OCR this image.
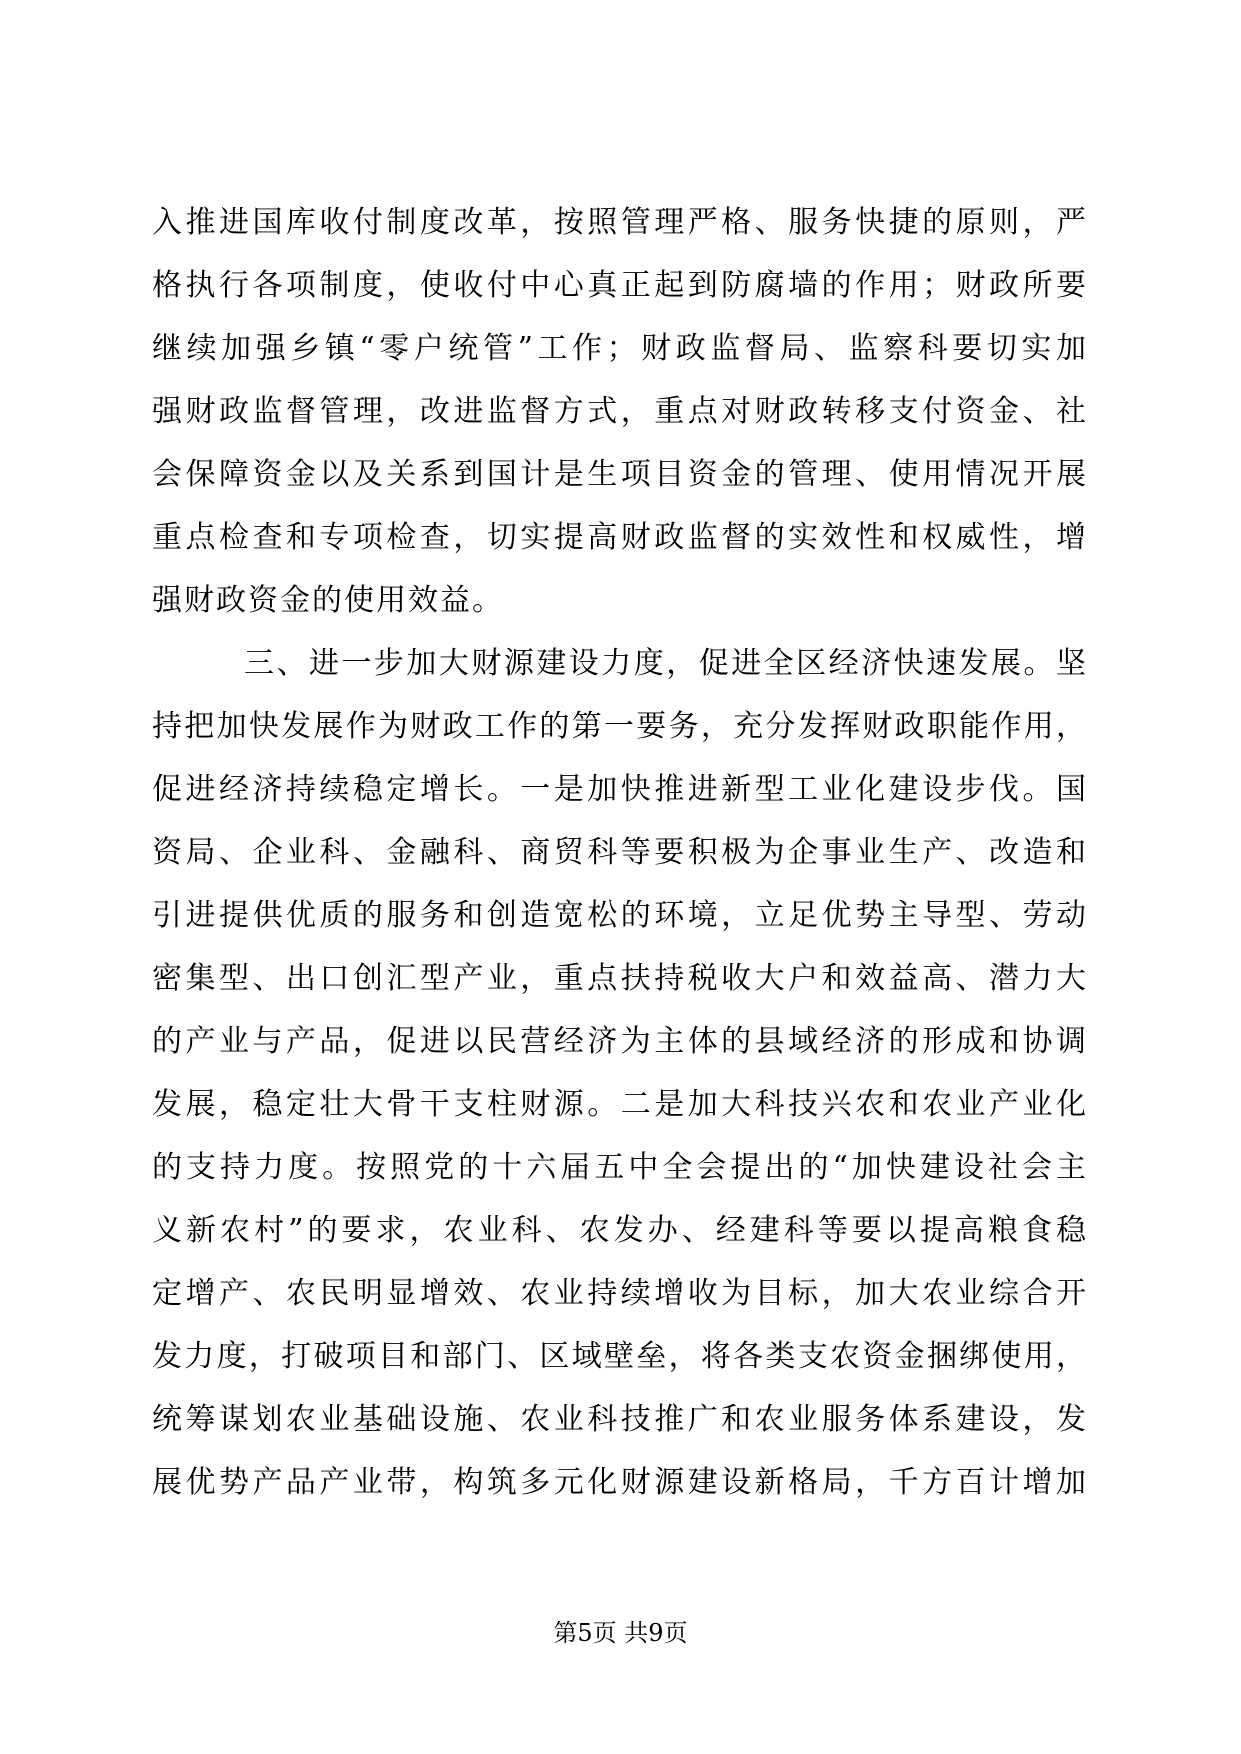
入推进国库收付制度改革，按照管理严格、服务快捷的原则，严
格执行各项制度，使收付中心真正起到防腐墙的作用；财政所要
继续加强乡镇“零户统管”工作；财政监督局、监察科要切实加
强财政监督管理，改进监督方式，重点对财政转移支付资金、社
会保障资金以及关系到国计是生项目资金的管理、使用情况开展
重点检查和专项检查，切实提高财政监督的实效性和权威性，增
强财政资金的使用效益。
三、进一步加大财源建设力度，促进全区经济快速发展。坚
持把加快发展作为财政工作的第一要务，充分发挥财政职能作用，
促进经济持续稳定增长。一是加快推进新型工业化建设步伐。国
资局、企业科、金融科、商贸科等要积极为企事业生产、改造和
引进提供优质的服务和创造宽松的环境，立足优势主导型、劳动
密集型、出口创汇型产业，重点扶持税收大户和效益高、潜力大
的产业与产品，促进以民营经济为主体的县域经济的形成和协调
发展，稳定壮大骨干支柱财源。二是加大科技兴农和农业产业化
的支持力度。按照党的十六届五中全会提出的“加快建设社会主
义新农村”的要求，农业科、农发办、经建科等要以提高粮食稳
定增产、农民明显增效、农业持续增收为目标，加大农业综合开
发力度，打破项目和部门、区域壁垒，将各类支农资金捆绑使用，
统筹谋划农业基础设施、农业科技推广和农业服务体系建设，发
展优势产品产业带，构筑多元化财源建设新格局，千方百计增加
第5页 共9页
